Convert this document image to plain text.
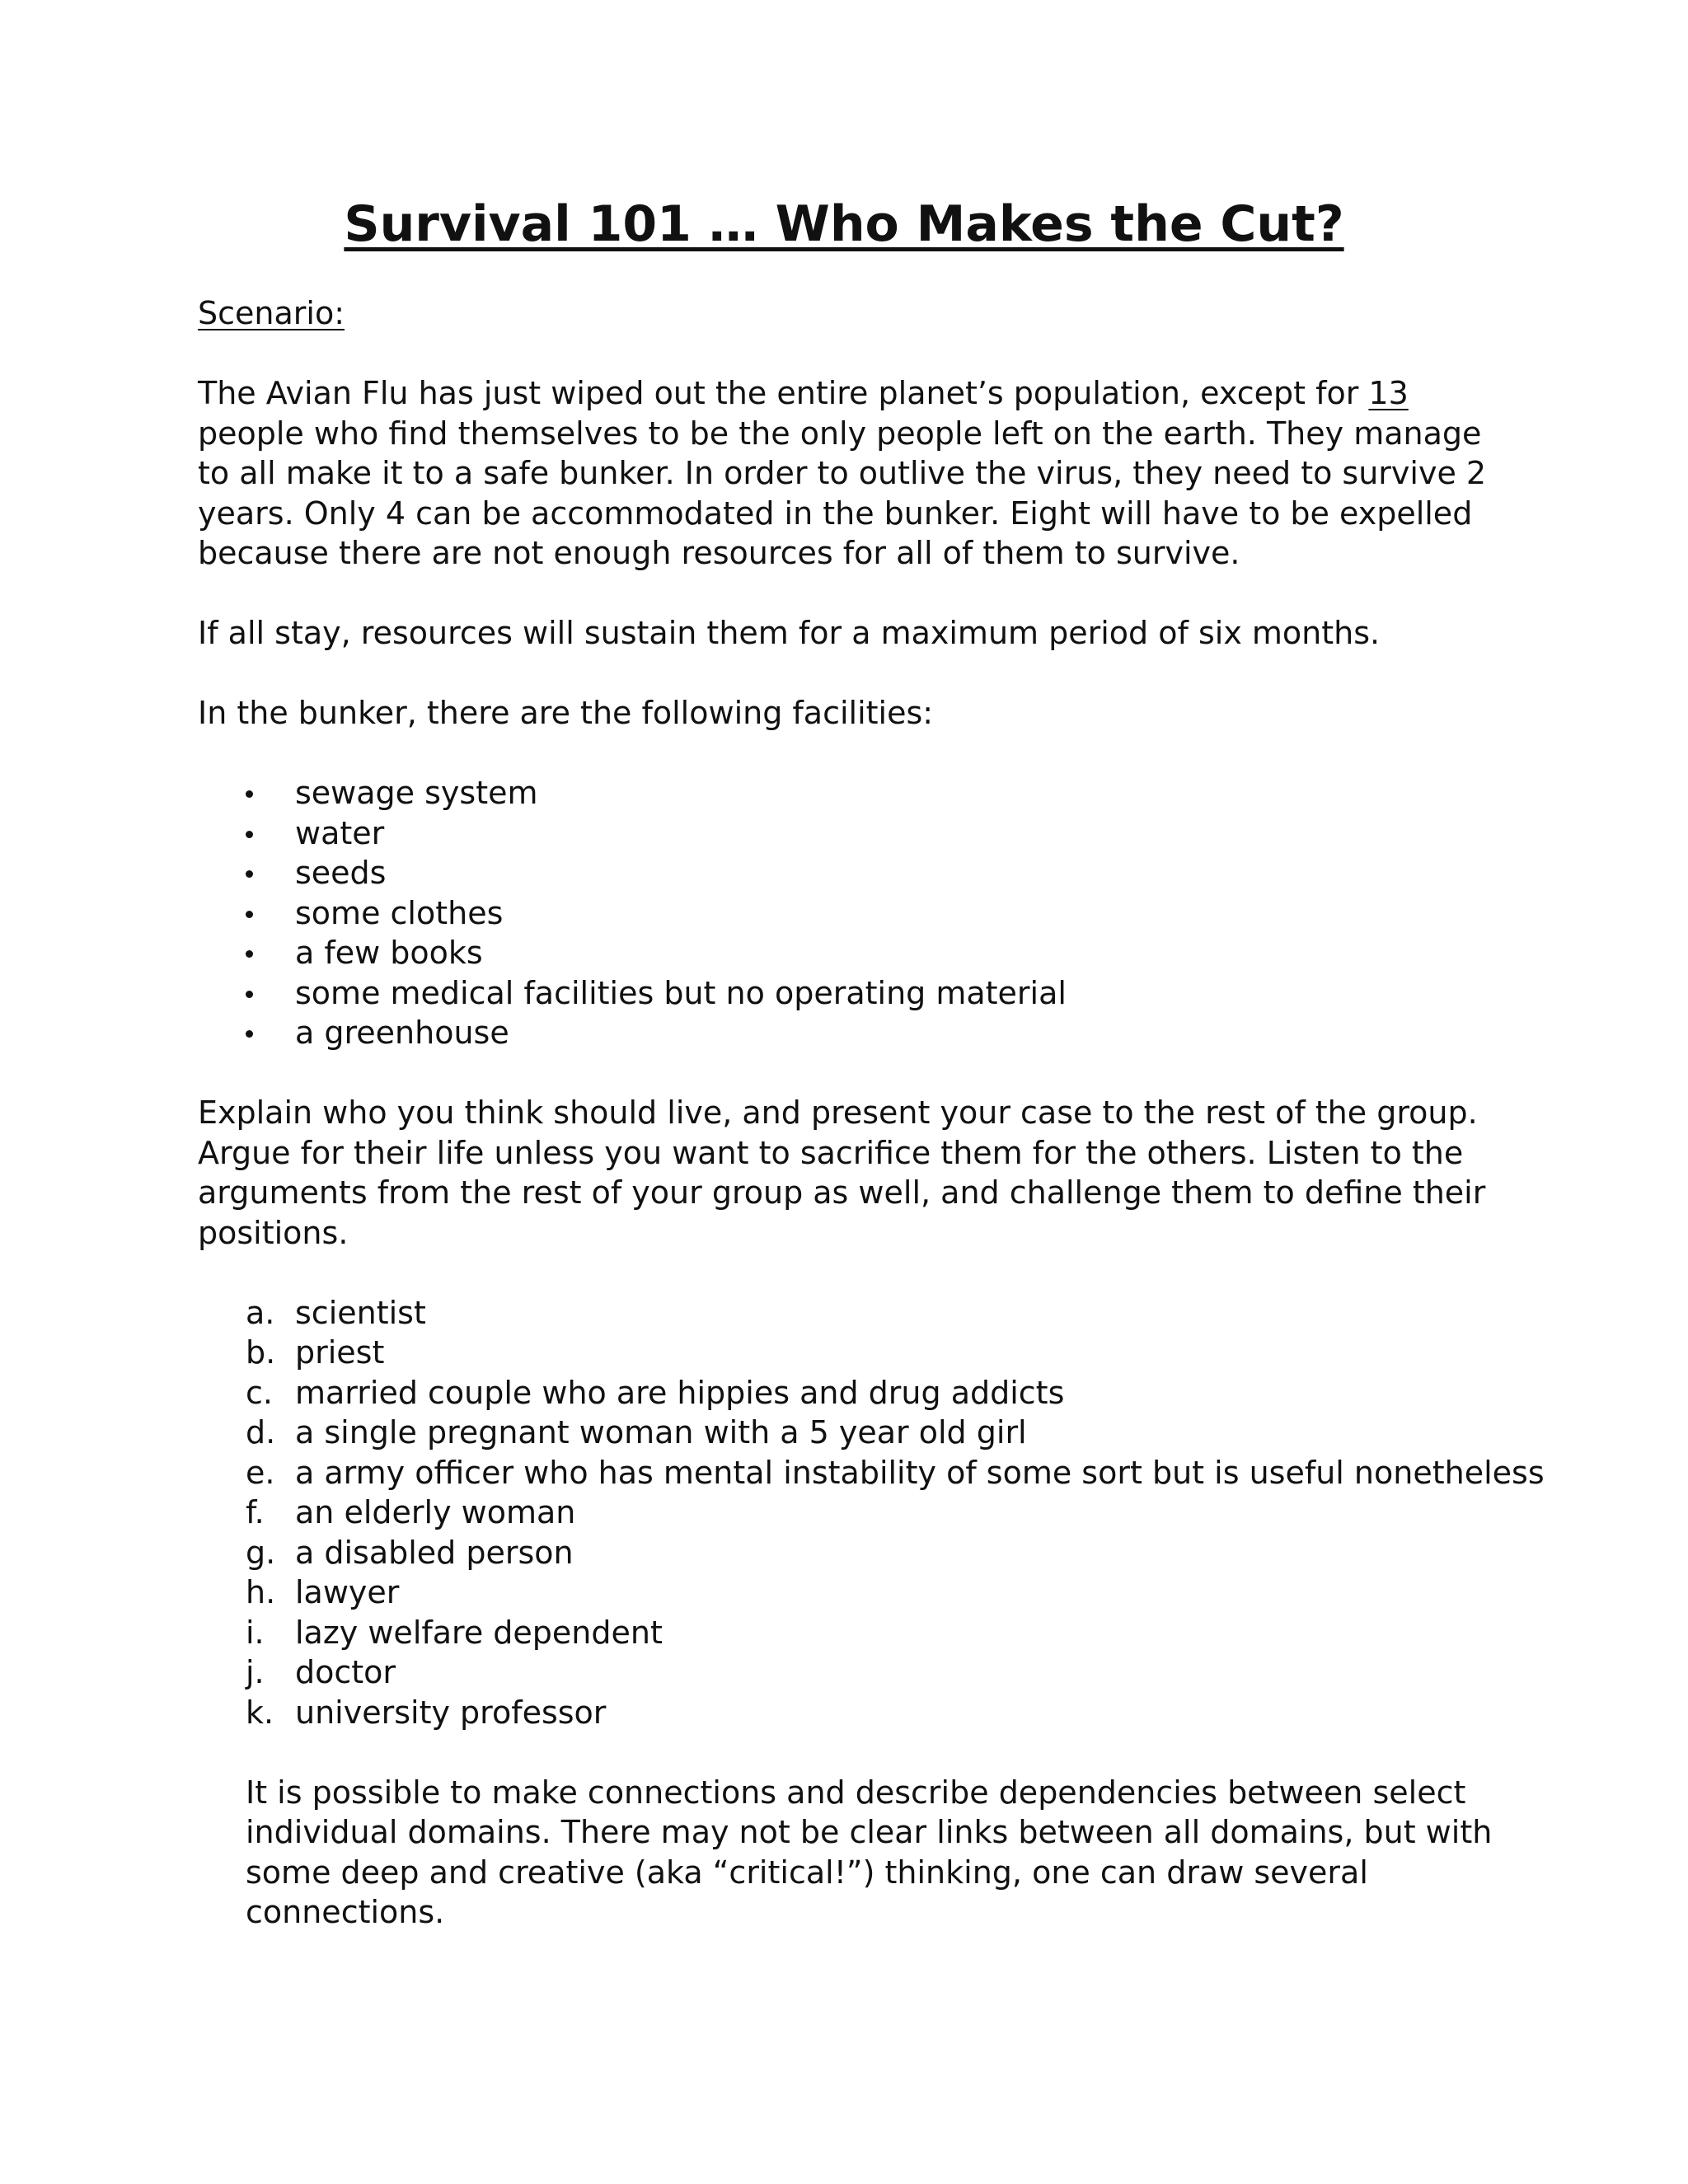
Survival 101 … Who Makes the Cut?

Scenario:

The Avian Flu has just wiped out the entire planet’s population, except for 13 people who find themselves to be the only people left on the earth. They manage to all make it to a safe bunker. In order to outlive the virus, they need to survive 2 years. Only 4 can be accommodated in the bunker. Eight will have to be expelled because there are not enough resources for all of them to survive.

If all stay, resources will sustain them for a maximum period of six months.

In the bunker, there are the following facilities:

sewage system
water
seeds
some clothes
a few books
some medical facilities but no operating material
a greenhouse

Explain who you think should live, and present your case to the rest of the group. Argue for their life unless you want to sacrifice them for the others. Listen to the arguments from the rest of your group as well, and challenge them to define their positions.

a. scientist
b. priest
c. married couple who are hippies and drug addicts
d. a single pregnant woman with a 5 year old girl
e. a army officer who has mental instability of some sort but is useful nonetheless
f. an elderly woman
g. a disabled person
h. lawyer
i. lazy welfare dependent
j. doctor
k. university professor

It is possible to make connections and describe dependencies between select individual domains. There may not be clear links between all domains, but with some deep and creative (aka “critical!”) thinking, one can draw several connections.
